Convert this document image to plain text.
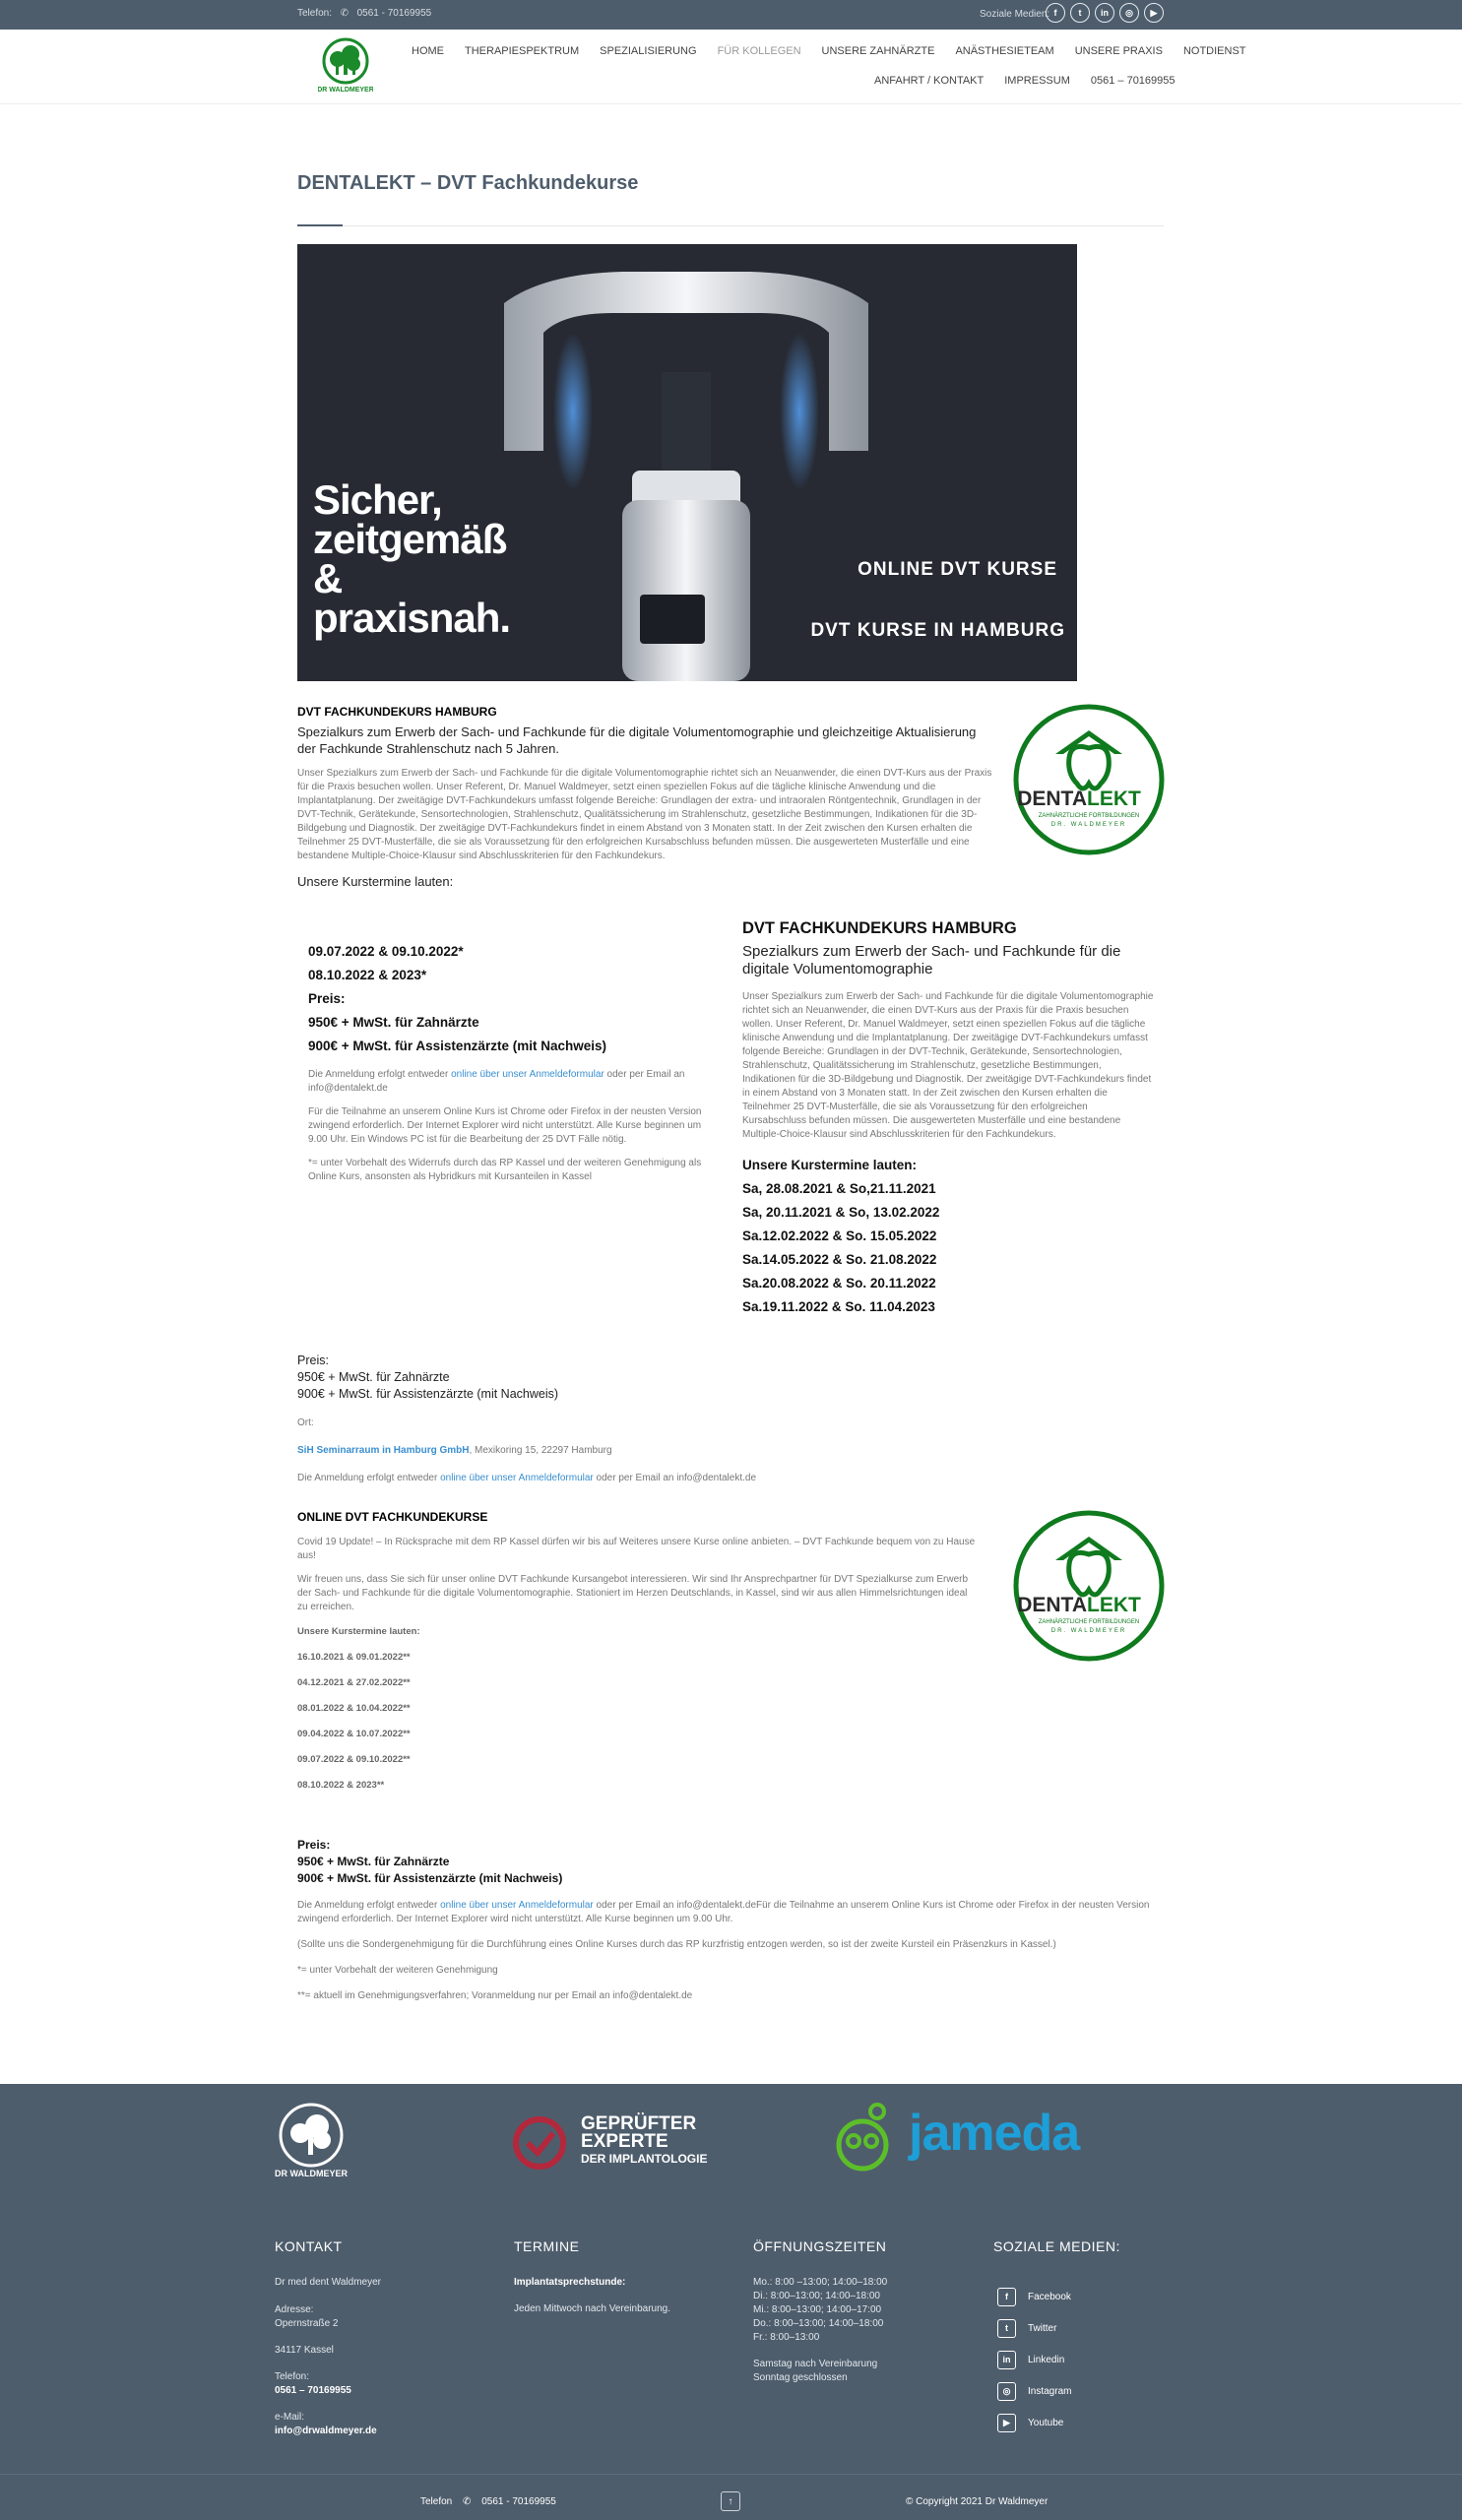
Telefon: ✆ 0561 - 70169955	Soziale Medien: f	t	in	◎	▶
DR WALDMEYER
HOME THERAPIESPEKTRUM SPEZIALISIERUNG FÜR KOLLEGEN UNSERE ZAHNÄRZTE ANÄSTHESIETEAM UNSERE PRAXIS NOTDIENST
ANFAHRT / KONTAKT IMPRESSUM 0561 – 70169955
DENTALEKT – DVT Fachkundekurse
Sicher,
zeitgemäß
&
praxisnah.
ONLINE DVT KURSE
DVT KURSE IN HAMBURG
DVT FACHKUNDEKURS HAMBURG
Spezialkurs zum Erwerb der Sach- und Fachkunde für die digitale Volumentomographie und gleichzeitige Aktualisierung der Fachkunde Strahlenschutz nach 5 Jahren.
Unser Spezialkurs zum Erwerb der Sach- und Fachkunde für die digitale Volumentomographie richtet sich an Neuanwender, die einen DVT-Kurs aus der Praxis für die Praxis besuchen wollen. Unser Referent, Dr. Manuel Waldmeyer, setzt einen speziellen Fokus auf die tägliche klinische Anwendung und die Implantatplanung. Der zweitägige DVT-Fachkundekurs umfasst folgende Bereiche: Grundlagen der extra- und intraoralen Röntgentechnik, Grundlagen in der DVT-Technik, Gerätekunde, Sensortechnologien, Strahlenschutz, Qualitätssicherung im Strahlenschutz, gesetzliche Bestimmungen, Indikationen für die 3D-Bildgebung und Diagnostik. Der zweitägige DVT-Fachkundekurs findet in einem Abstand von 3 Monaten statt. In der Zeit zwischen den Kursen erhalten die Teilnehmer 25 DVT-Musterfälle, die sie als Voraussetzung für den erfolgreichen Kursabschluss befunden müssen. Die ausgewerteten Musterfälle und eine bestandene Multiple-Choice-Klausur sind Abschlusskriterien für den Fachkundekurs.
Unsere Kurstermine lauten:
DENTA LEKT
ZAHNÄRZTLICHE FORTBILDUNGEN
DR. WALDMEYER
09.07.2022 & 09.10.2022*
08.10.2022 & 2023*
Preis:
950€ + MwSt. für Zahnärzte
900€ + MwSt. für Assistenzärzte (mit Nachweis)
Die Anmeldung erfolgt entweder online über unser Anmeldeformular oder per Email an info@dentalekt.de
Für die Teilnahme an unserem Online Kurs ist Chrome oder Firefox in der neusten Version zwingend erforderlich. Der Internet Explorer wird nicht unterstützt. Alle Kurse beginnen um 9.00 Uhr. Ein Windows PC ist für die Bearbeitung der 25 DVT Fälle nötig.
*= unter Vorbehalt des Widerrufs durch das RP Kassel und der weiteren Genehmigung als Online Kurs, ansonsten als Hybridkurs mit Kursanteilen in Kassel
DVT FACHKUNDEKURS HAMBURG
Spezialkurs zum Erwerb der Sach- und Fachkunde für die digitale Volumentomographie
Unser Spezialkurs zum Erwerb der Sach- und Fachkunde für die digitale Volumentomographie richtet sich an Neuanwender, die einen DVT-Kurs aus der Praxis für die Praxis besuchen wollen. Unser Referent, Dr. Manuel Waldmeyer, setzt einen speziellen Fokus auf die tägliche klinische Anwendung und die Implantatplanung. Der zweitägige DVT-Fachkundekurs umfasst folgende Bereiche: Grundlagen in der DVT-Technik, Gerätekunde, Sensortechnologien, Strahlenschutz, Qualitätssicherung im Strahlenschutz, gesetzliche Bestimmungen, Indikationen für die 3D-Bildgebung und Diagnostik. Der zweitägige DVT-Fachkundekurs findet in einem Abstand von 3 Monaten statt. In der Zeit zwischen den Kursen erhalten die Teilnehmer 25 DVT-Musterfälle, die sie als Voraussetzung für den erfolgreichen Kursabschluss befunden müssen. Die ausgewerteten Musterfälle und eine bestandene Multiple-Choice-Klausur sind Abschlusskriterien für den Fachkundekurs.
Unsere Kurstermine lauten:
Sa, 28.08.2021 & So,21.11.2021
Sa, 20.11.2021 & So, 13.02.2022
Sa.12.02.2022 & So. 15.05.2022
Sa.14.05.2022 & So. 21.08.2022
Sa.20.08.2022 & So. 20.11.2022
Sa.19.11.2022 & So. 11.04.2023
Preis:
950€ + MwSt. für Zahnärzte
900€ + MwSt. für Assistenzärzte (mit Nachweis)
Ort:
SiH Seminarraum in Hamburg GmbH, Mexikoring 15, 22297 Hamburg
Die Anmeldung erfolgt entweder online über unser Anmeldeformular oder per Email an info@dentalekt.de
ONLINE DVT FACHKUNDEKURSE
Covid 19 Update! – In Rücksprache mit dem RP Kassel dürfen wir bis auf Weiteres unsere Kurse online anbieten. – DVT Fachkunde bequem von zu Hause aus!
Wir freuen uns, dass Sie sich für unser online DVT Fachkunde Kursangebot interessieren. Wir sind Ihr Ansprechpartner für DVT Spezialkurse zum Erwerb der Sach- und Fachkunde für die digitale Volumentomographie. Stationiert im Herzen Deutschlands, in Kassel, sind wir aus allen Himmelsrichtungen ideal zu erreichen.
Unsere Kurstermine lauten:
16.10.2021 & 09.01.2022**
04.12.2021 & 27.02.2022**
08.01.2022 & 10.04.2022**
09.04.2022 & 10.07.2022**
09.07.2022 & 09.10.2022**
08.10.2022 & 2023**
DENTA LEKT
ZAHNÄRZTLICHE FORTBILDUNGEN
DR. WALDMEYER
Preis:
950€ + MwSt. für Zahnärzte
900€ + MwSt. für Assistenzärzte (mit Nachweis)
Die Anmeldung erfolgt entweder online über unser Anmeldeformular oder per Email an info@dentalekt.deFür die Teilnahme an unserem Online Kurs ist Chrome oder Firefox in der neusten Version zwingend erforderlich. Der Internet Explorer wird nicht unterstützt. Alle Kurse beginnen um 9.00 Uhr.
(Sollte uns die Sondergenehmigung für die Durchführung eines Online Kurses durch das RP kurzfristig entzogen werden, so ist der zweite Kursteil ein Präsenzkurs in Kassel.)
*= unter Vorbehalt der weiteren Genehmigung
**= aktuell im Genehmigungsverfahren; Voranmeldung nur per Email an info@dentalekt.de
DR WALDMEYER
GEPRÜFTER
EXPERTE
DER IMPLANTOLOGIE	jameda
KONTAKT
Dr med dent Waldmeyer
Adresse:
Opernstraße 2
34117 Kassel
Telefon:
0561 – 70169955
e-Mail:
info@drwaldmeyer.de
TERMINE
Implantatsprechstunde:
Jeden Mittwoch nach Vereinbarung.
ÖFFNUNGSZEITEN
Mo.: 8:00 –13:00; 14:00–18:00
Di.: 8:00–13:00; 14:00–18:00
Mi.: 8:00–13:00; 14:00–17:00
Do.: 8:00–13:00; 14:00–18:00
Fr.: 8:00–13:00
Samstag nach Vereinbarung
Sonntag geschlossen
SOZIALE MEDIEN:
f	Facebook
t	Twitter
in	Linkedin
◎	Instagram
▶	Youtube
Telefon ✆ 0561 - 70169955	↑	© Copyright 2021 Dr Waldmeyer
